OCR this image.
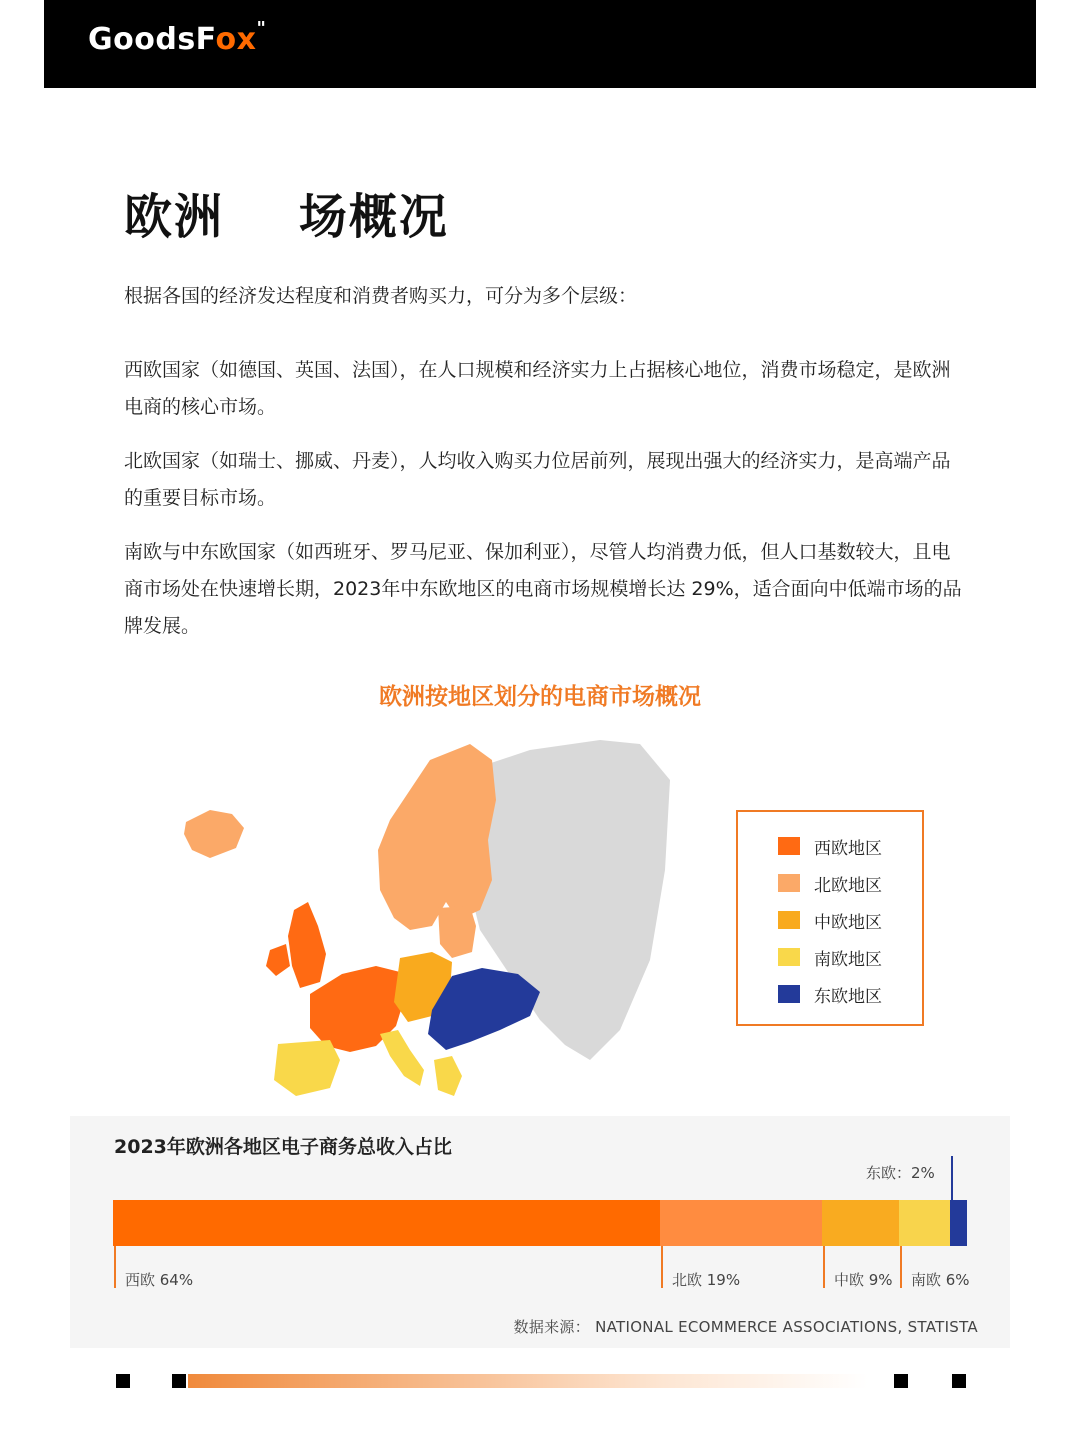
GoodsFox"
欧洲    场概况
根据各国的经济发达程度和消费者购买力，可分为多个层级：
西欧国家（如德国、英国、法国），在人口规模和经济实力上占据核心地位，消费市场稳定，是欧洲电商的核心市场。
北欧国家（如瑞士、挪威、丹麦），人均收入购买力位居前列，展现出强大的经济实力，是高端产品的重要目标市场。
南欧与中东欧国家（如西班牙、罗马尼亚、保加利亚），尽管人均消费力低，但人口基数较大，且电商市场处在快速增长期，2023年中东欧地区的电商市场规模增长达 29%，适合面向中低端市场的品牌发展。
欧洲按地区划分的电商市场概况
西欧地区
北欧地区
中欧地区
南欧地区
东欧地区
2023年欧洲各地区电子商务总收入占比
数据来源： NATIONAL ECOMMERCE ASSOCIATIONS, STATISTA
西欧 64%	北欧 19%	中欧 9% 南欧 6%
东欧：2%
